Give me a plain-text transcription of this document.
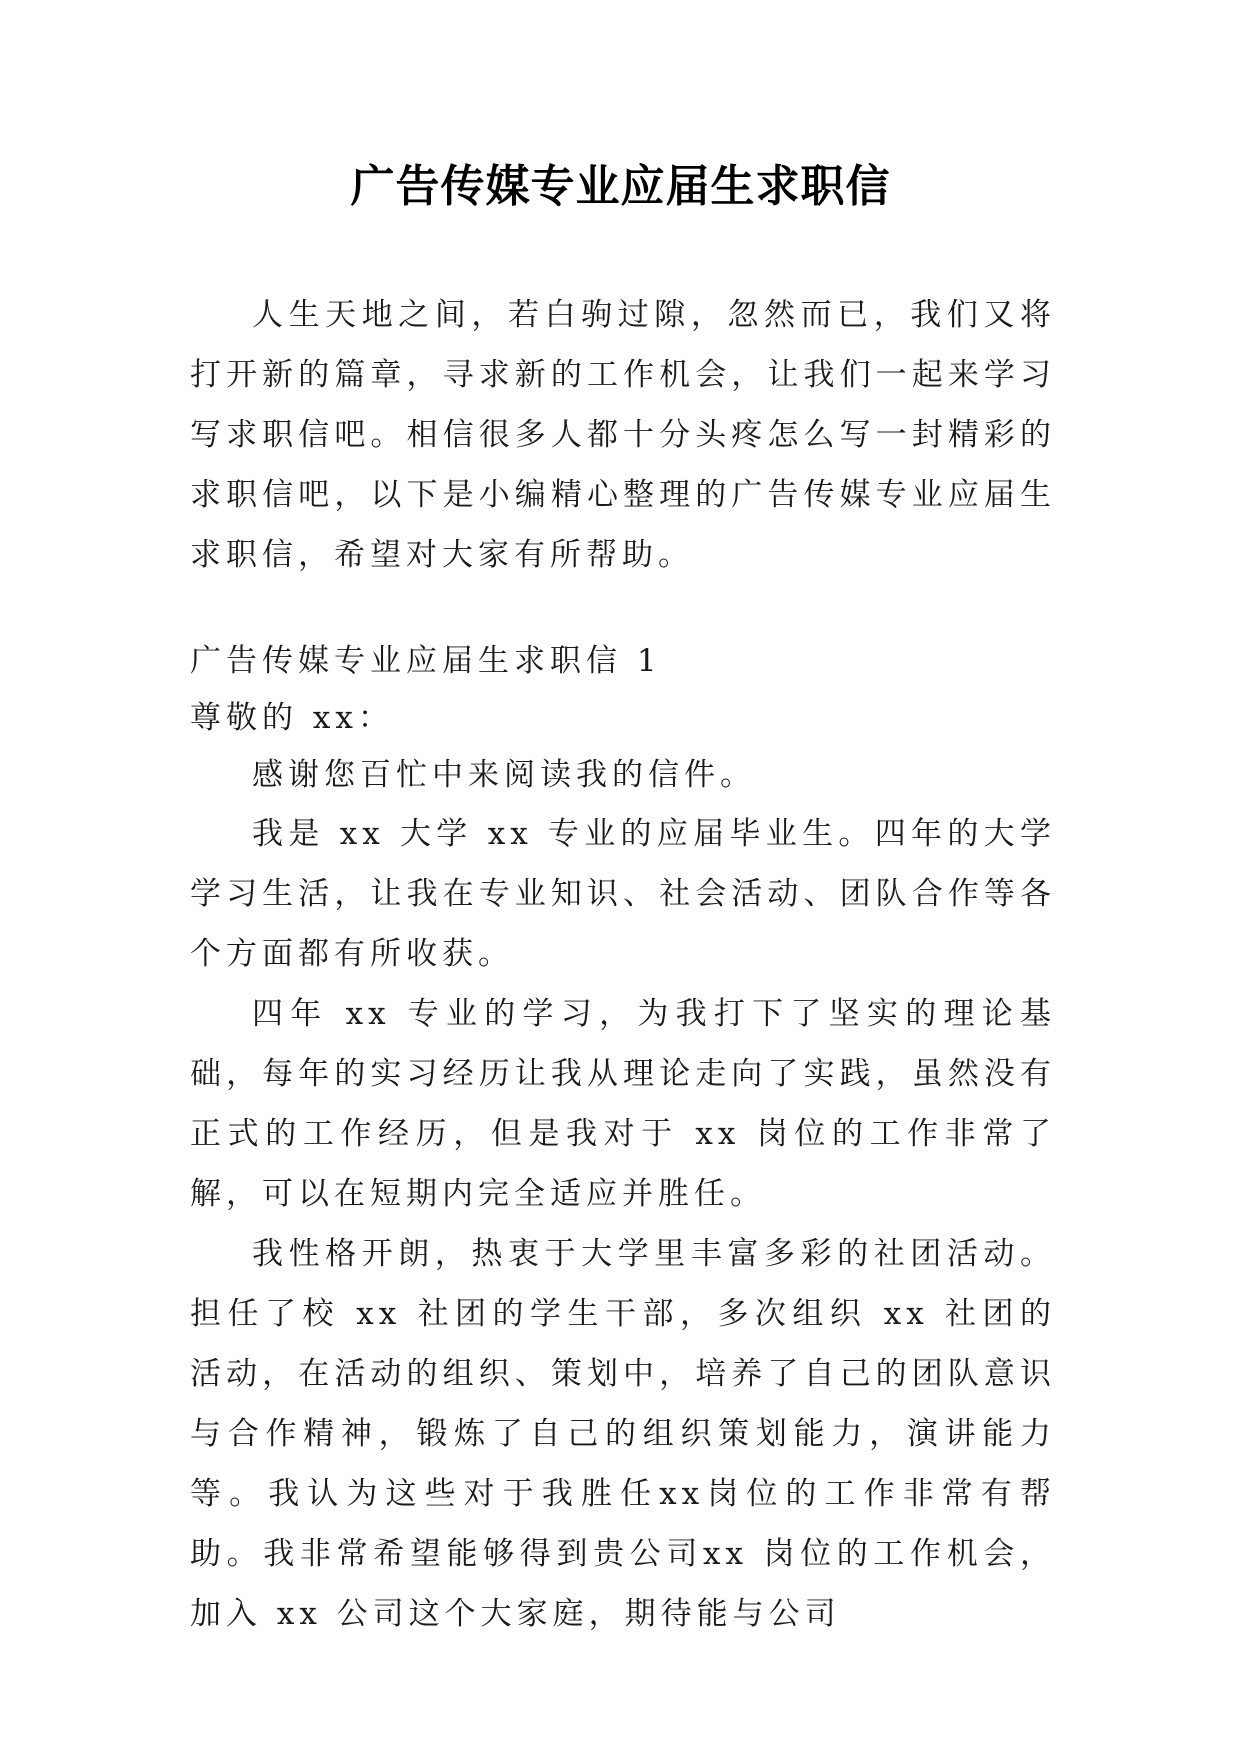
广告传媒专业应届生求职信

人生天地之间，若白驹过隙，忽然而已，我们又将打开新的篇章，寻求新的工作机会，让我们一起来学习写求职信吧。相信很多人都十分头疼怎么写一封精彩的求职信吧，以下是小编精心整理的广告传媒专业应届生求职信，希望对大家有所帮助。

广告传媒专业应届生求职信 1

尊敬的 xx：

感谢您百忙中来阅读我的信件。

我是 xx 大学 xx 专业的应届毕业生。四年的大学学习生活，让我在专业知识、社会活动、团队合作等各个方面都有所收获。

四年 xx 专业的学习，为我打下了坚实的理论基础，每年的实习经历让我从理论走向了实践，虽然没有正式的工作经历，但是我对于 xx 岗位的工作非常了解，可以在短期内完全适应并胜任。

我性格开朗，热衷于大学里丰富多彩的社团活动。担任了校 xx 社团的学生干部，多次组织 xx 社团的活动，在活动的组织、策划中，培养了自己的团队意识与合作精神，锻炼了自己的组织策划能力，演讲能力等。我认为这些对于我胜任xx岗位的工作非常有帮助。我非常希望能够得到贵公司xx 岗位的工作机会，加入 xx 公司这个大家庭，期待能与公司
